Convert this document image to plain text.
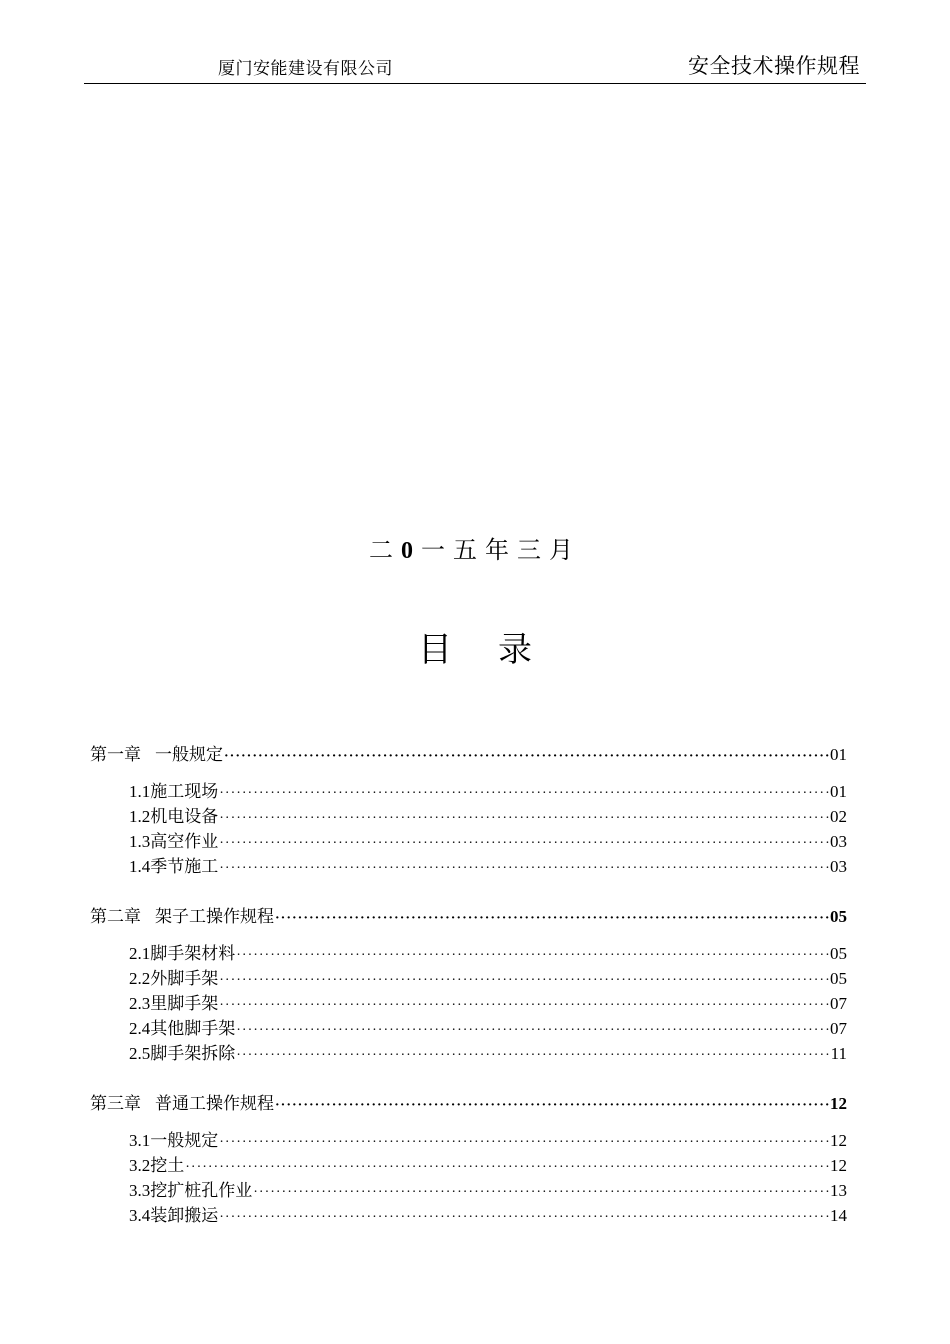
厦门安能建设有限公司	安全技术操作规程
二0一五年三月
目录
第一章 一般规定 ·····	01
1.1 施工现场 ·····	01
1.2 机电设备 ·····	02
1.3 高空作业 ·····	03
1.4 季节施工 ·····	03
第二章 架子工操作规程 ·····	05
2.1 脚手架材料 ·····	05
2.2 外脚手架 ·····	05
2.3 里脚手架 ·····	07
2.4 其他脚手架 ·····	07
2.5 脚手架拆除 ·····	11
第三章 普通工操作规程 ·····	12
3.1 一般规定 ·····	12
3.2 挖土 ·····	12
3.3 挖扩桩孔作业 ·····	13
3.4 装卸搬运 ·····	14
